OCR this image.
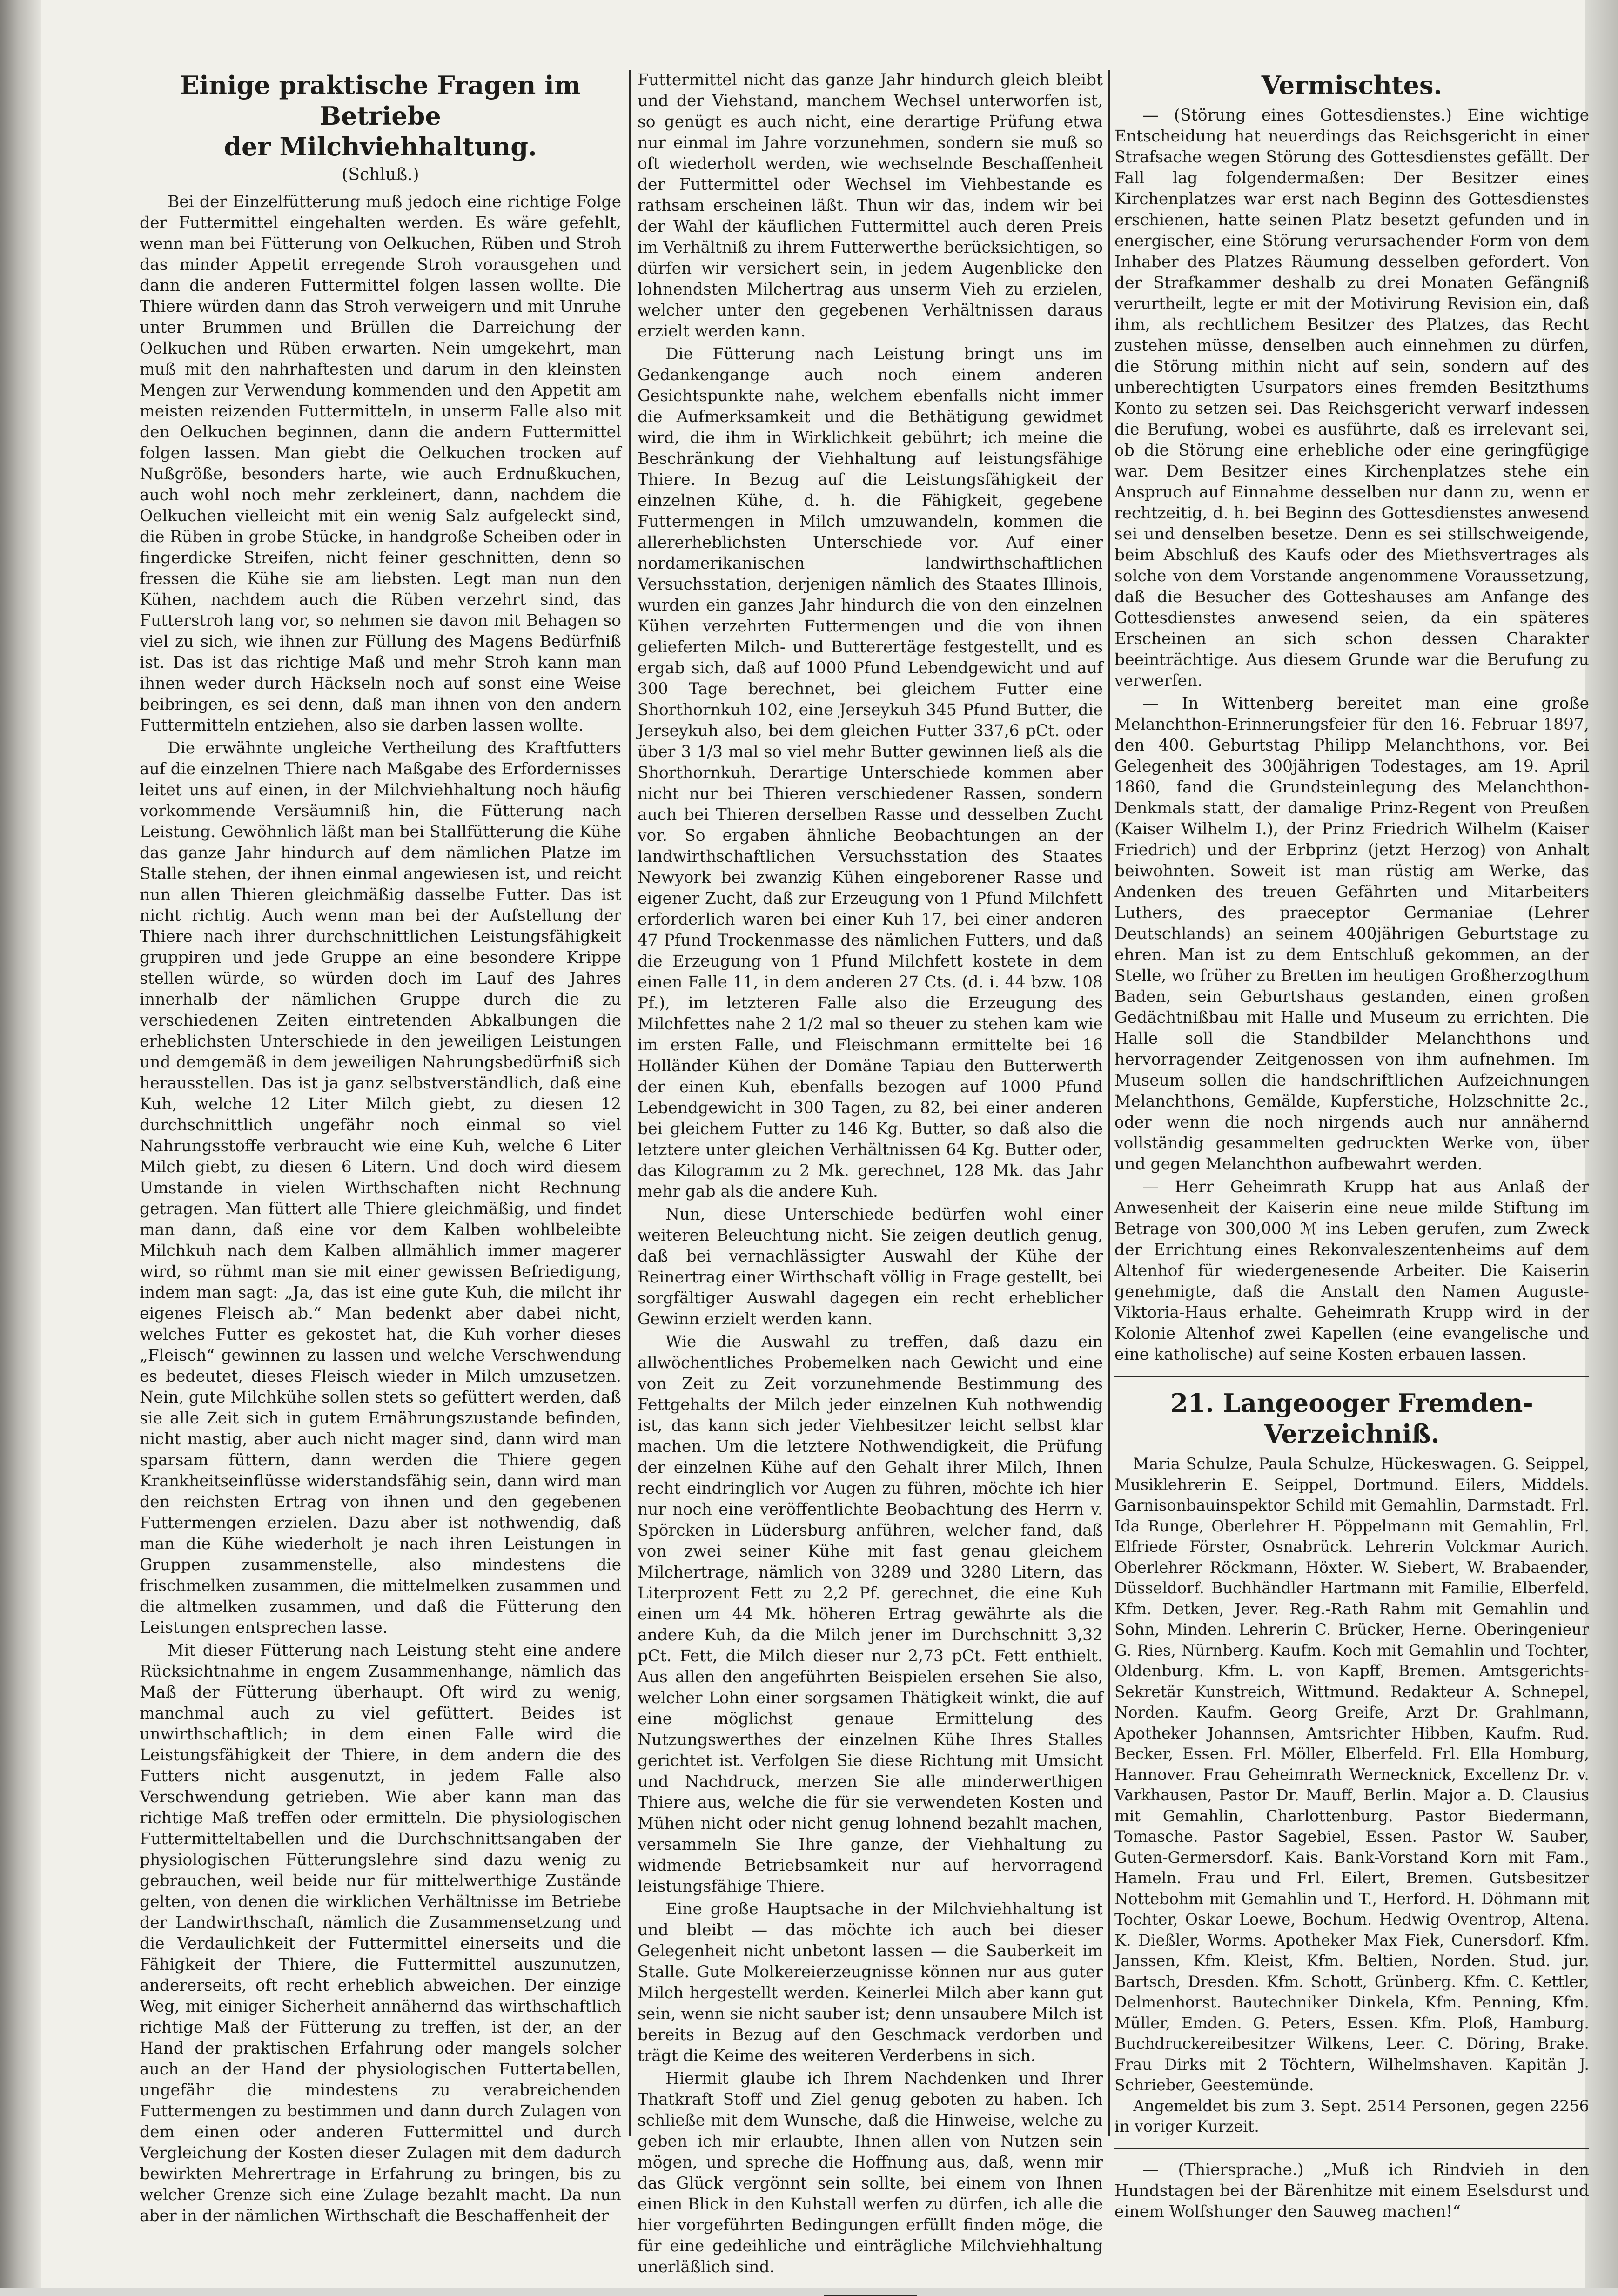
Einige praktische Fragen im Betriebe
der Milchviehhaltung.

(Schluß.)

Bei der Einzelfütterung muß jedoch eine richtige Folge der Futtermittel eingehalten werden. Es wäre gefehlt, wenn man bei Fütterung von Oelkuchen, Rüben und Stroh das minder Appetit erregende Stroh vorausgehen und dann die anderen Futtermittel folgen lassen wollte. Die Thiere würden dann das Stroh verweigern und mit Unruhe unter Brummen und Brüllen die Darreichung der Oelkuchen und Rüben erwarten. Nein umgekehrt, man muß mit den nahrhaftesten und darum in den kleinsten Mengen zur Verwendung kommenden und den Appetit am meisten reizenden Futtermitteln, in unserm Falle also mit den Oelkuchen beginnen, dann die andern Futtermittel folgen lassen. Man giebt die Oelkuchen trocken auf Nußgröße, besonders harte, wie auch Erdnußkuchen, auch wohl noch mehr zerkleinert, dann, nachdem die Oelkuchen vielleicht mit ein wenig Salz aufgeleckt sind, die Rüben in grobe Stücke, in handgroße Scheiben oder in fingerdicke Streifen, nicht feiner geschnitten, denn so fressen die Kühe sie am liebsten. Legt man nun den Kühen, nachdem auch die Rüben verzehrt sind, das Futterstroh lang vor, so nehmen sie davon mit Behagen so viel zu sich, wie ihnen zur Füllung des Magens Bedürfniß ist. Das ist das richtige Maß und mehr Stroh kann man ihnen weder durch Häckseln noch auf sonst eine Weise beibringen, es sei denn, daß man ihnen von den andern Futtermitteln entziehen, also sie darben lassen wollte.

Die erwähnte ungleiche Vertheilung des Kraftfutters auf die einzelnen Thiere nach Maßgabe des Erfordernisses leitet uns auf einen, in der Milchviehhaltung noch häufig vorkommende Versäumniß hin, die Fütterung nach Leistung. Gewöhnlich läßt man bei Stallfütterung die Kühe das ganze Jahr hindurch auf dem nämlichen Platze im Stalle stehen, der ihnen einmal angewiesen ist, und reicht nun allen Thieren gleichmäßig dasselbe Futter. Das ist nicht richtig. Auch wenn man bei der Aufstellung der Thiere nach ihrer durchschnittlichen Leistungsfähigkeit gruppiren und jede Gruppe an eine besondere Krippe stellen würde, so würden doch im Lauf des Jahres innerhalb der nämlichen Gruppe durch die zu verschiedenen Zeiten eintretenden Abkalbungen die erheblichsten Unterschiede in den jeweiligen Leistungen und demgemäß in dem jeweiligen Nahrungsbedürfniß sich herausstellen. Das ist ja ganz selbstverständlich, daß eine Kuh, welche 12 Liter Milch giebt, zu diesen 12 durchschnittlich ungefähr noch einmal so viel Nahrungsstoffe verbraucht wie eine Kuh, welche 6 Liter Milch giebt, zu diesen 6 Litern. Und doch wird diesem Umstande in vielen Wirthschaften nicht Rechnung getragen. Man füttert alle Thiere gleichmäßig, und findet man dann, daß eine vor dem Kalben wohlbeleibte Milchkuh nach dem Kalben allmählich immer magerer wird, so rühmt man sie mit einer gewissen Befriedigung, indem man sagt: „Ja, das ist eine gute Kuh, die milcht ihr eigenes Fleisch ab.“ Man bedenkt aber dabei nicht, welches Futter es gekostet hat, die Kuh vorher dieses „Fleisch“ gewinnen zu lassen und welche Verschwendung es bedeutet, dieses Fleisch wieder in Milch umzusetzen. Nein, gute Milchkühe sollen stets so gefüttert werden, daß sie alle Zeit sich in gutem Ernährungszustande befinden, nicht mastig, aber auch nicht mager sind, dann wird man sparsam füttern, dann werden die Thiere gegen Krankheitseinflüsse widerstandsfähig sein, dann wird man den reichsten Ertrag von ihnen und den gegebenen Futtermengen erzielen. Dazu aber ist nothwendig, daß man die Kühe wiederholt je nach ihren Leistungen in Gruppen zusammenstelle, also mindestens die frischmelken zusammen, die mittelmelken zusammen und die altmelken zusammen, und daß die Fütterung den Leistungen entsprechen lasse.

Mit dieser Fütterung nach Leistung steht eine andere Rücksichtnahme in engem Zusammenhange, nämlich das Maß der Fütterung überhaupt. Oft wird zu wenig, manchmal auch zu viel gefüttert. Beides ist unwirthschaftlich; in dem einen Falle wird die Leistungsfähigkeit der Thiere, in dem andern die des Futters nicht ausgenutzt, in jedem Falle also Verschwendung getrieben. Wie aber kann man das richtige Maß treffen oder ermitteln. Die physiologischen Futtermitteltabellen und die Durchschnittsangaben der physiologischen Fütterungslehre sind dazu wenig zu gebrauchen, weil beide nur für mittelwerthige Zustände gelten, von denen die wirklichen Verhältnisse im Betriebe der Landwirthschaft, nämlich die Zusammensetzung und die Verdaulichkeit der Futtermittel einerseits und die Fähigkeit der Thiere, die Futtermittel auszunutzen, andererseits, oft recht erheblich abweichen. Der einzige Weg, mit einiger Sicherheit annähernd das wirthschaftlich richtige Maß der Fütterung zu treffen, ist der, an der Hand der praktischen Erfahrung oder mangels solcher auch an der Hand der physiologischen Futtertabellen, ungefähr die mindestens zu verabreichenden Futtermengen zu bestimmen und dann durch Zulagen von dem einen oder anderen Futtermittel und durch Vergleichung der Kosten dieser Zulagen mit dem dadurch bewirkten Mehrertrage in Erfahrung zu bringen, bis zu welcher Grenze sich eine Zulage bezahlt macht. Da nun aber in der nämlichen Wirthschaft die Beschaffenheit der

Futtermittel nicht das ganze Jahr hindurch gleich bleibt und der Viehstand, manchem Wechsel unterworfen ist, so genügt es auch nicht, eine derartige Prüfung etwa nur einmal im Jahre vorzunehmen, sondern sie muß so oft wiederholt werden, wie wechselnde Beschaffenheit der Futtermittel oder Wechsel im Viehbestande es rathsam erscheinen läßt. Thun wir das, indem wir bei der Wahl der käuflichen Futtermittel auch deren Preis im Verhältniß zu ihrem Futterwerthe berücksichtigen, so dürfen wir versichert sein, in jedem Augenblicke den lohnendsten Milchertrag aus unserm Vieh zu erzielen, welcher unter den gegebenen Verhältnissen daraus erzielt werden kann.

Die Fütterung nach Leistung bringt uns im Gedankengange auch noch einem anderen Gesichtspunkte nahe, welchem ebenfalls nicht immer die Aufmerksamkeit und die Bethätigung gewidmet wird, die ihm in Wirklichkeit gebührt; ich meine die Beschränkung der Viehhaltung auf leistungsfähige Thiere. In Bezug auf die Leistungsfähigkeit der einzelnen Kühe, d. h. die Fähigkeit, gegebene Futtermengen in Milch umzuwandeln, kommen die allererheblichsten Unterschiede vor. Auf einer nordamerikanischen landwirthschaftlichen Versuchsstation, derjenigen nämlich des Staates Illinois, wurden ein ganzes Jahr hindurch die von den einzelnen Kühen verzehrten Futtermengen und die von ihnen gelieferten Milch- und Butterertäge festgestellt, und es ergab sich, daß auf 1000 Pfund Lebendgewicht und auf 300 Tage berechnet, bei gleichem Futter eine Shorthornkuh 102, eine Jerseykuh 345 Pfund Butter, die Jerseykuh also, bei dem gleichen Futter 337,6 pCt. oder über 3 1/3 mal so viel mehr Butter gewinnen ließ als die Shorthornkuh. Derartige Unterschiede kommen aber nicht nur bei Thieren verschiedener Rassen, sondern auch bei Thieren derselben Rasse und desselben Zucht vor. So ergaben ähnliche Beobachtungen an der landwirthschaftlichen Versuchsstation des Staates Newyork bei zwanzig Kühen eingeborener Rasse und eigener Zucht, daß zur Erzeugung von 1 Pfund Milchfett erforderlich waren bei einer Kuh 17, bei einer anderen 47 Pfund Trockenmasse des nämlichen Futters, und daß die Erzeugung von 1 Pfund Milchfett kostete in dem einen Falle 11, in dem anderen 27 Cts. (d. i. 44 bzw. 108 Pf.), im letzteren Falle also die Erzeugung des Milchfettes nahe 2 1/2 mal so theuer zu stehen kam wie im ersten Falle, und Fleischmann ermittelte bei 16 Holländer Kühen der Domäne Tapiau den Butterwerth der einen Kuh, ebenfalls bezogen auf 1000 Pfund Lebendgewicht in 300 Tagen, zu 82, bei einer anderen bei gleichem Futter zu 146 Kg. Butter, so daß also die letztere unter gleichen Verhältnissen 64 Kg. Butter oder, das Kilogramm zu 2 Mk. gerechnet, 128 Mk. das Jahr mehr gab als die andere Kuh.

Nun, diese Unterschiede bedürfen wohl einer weiteren Beleuchtung nicht. Sie zeigen deutlich genug, daß bei vernachlässigter Auswahl der Kühe der Reinertrag einer Wirthschaft völlig in Frage gestellt, bei sorgfältiger Auswahl dagegen ein recht erheblicher Gewinn erzielt werden kann.

Wie die Auswahl zu treffen, daß dazu ein allwöchentliches Probemelken nach Gewicht und eine von Zeit zu Zeit vorzunehmende Bestimmung des Fettgehalts der Milch jeder einzelnen Kuh nothwendig ist, das kann sich jeder Viehbesitzer leicht selbst klar machen. Um die letztere Nothwendigkeit, die Prüfung der einzelnen Kühe auf den Gehalt ihrer Milch, Ihnen recht eindringlich vor Augen zu führen, möchte ich hier nur noch eine veröffentlichte Beobachtung des Herrn v. Spörcken in Lüdersburg anführen, welcher fand, daß von zwei seiner Kühe mit fast genau gleichem Milchertrage, nämlich von 3289 und 3280 Litern, das Literprozent Fett zu 2,2 Pf. gerechnet, die eine Kuh einen um 44 Mk. höheren Ertrag gewährte als die andere Kuh, da die Milch jener im Durchschnitt 3,32 pCt. Fett, die Milch dieser nur 2,73 pCt. Fett enthielt. Aus allen den angeführten Beispielen ersehen Sie also, welcher Lohn einer sorgsamen Thätigkeit winkt, die auf eine möglichst genaue Ermittelung des Nutzungswerthes der einzelnen Kühe Ihres Stalles gerichtet ist. Verfolgen Sie diese Richtung mit Umsicht und Nachdruck, merzen Sie alle minderwerthigen Thiere aus, welche die für sie verwendeten Kosten und Mühen nicht oder nicht genug lohnend bezahlt machen, versammeln Sie Ihre ganze, der Viehhaltung zu widmende Betriebsamkeit nur auf hervorragend leistungsfähige Thiere.

Eine große Hauptsache in der Milchviehhaltung ist und bleibt — das möchte ich auch bei dieser Gelegenheit nicht unbetont lassen — die Sauberkeit im Stalle. Gute Molkereierzeugnisse können nur aus guter Milch hergestellt werden. Keinerlei Milch aber kann gut sein, wenn sie nicht sauber ist; denn unsaubere Milch ist bereits in Bezug auf den Geschmack verdorben und trägt die Keime des weiteren Verderbens in sich.

Hiermit glaube ich Ihrem Nachdenken und Ihrer Thatkraft Stoff und Ziel genug geboten zu haben. Ich schließe mit dem Wunsche, daß die Hinweise, welche zu geben ich mir erlaubte, Ihnen allen von Nutzen sein mögen, und spreche die Hoffnung aus, daß, wenn mir das Glück vergönnt sein sollte, bei einem von Ihnen einen Blick in den Kuhstall werfen zu dürfen, ich alle die hier vorgeführten Bedingungen erfüllt finden möge, die für eine gedeihliche und einträgliche Milchviehhaltung unerläßlich sind.

Vermischtes.

— (Störung eines Gottesdienstes.) Eine wichtige Entscheidung hat neuerdings das Reichsgericht in einer Strafsache wegen Störung des Gottesdienstes gefällt. Der Fall lag folgendermaßen: Der Besitzer eines Kirchenplatzes war erst nach Beginn des Gottesdienstes erschienen, hatte seinen Platz besetzt gefunden und in energischer, eine Störung verursachender Form von dem Inhaber des Platzes Räumung desselben gefordert. Von der Strafkammer deshalb zu drei Monaten Gefängniß verurtheilt, legte er mit der Motivirung Revision ein, daß ihm, als rechtlichem Besitzer des Platzes, das Recht zustehen müsse, denselben auch einnehmen zu dürfen, die Störung mithin nicht auf sein, sondern auf des unberechtigten Usurpators eines fremden Besitzthums Konto zu setzen sei. Das Reichsgericht verwarf indessen die Berufung, wobei es ausführte, daß es irrelevant sei, ob die Störung eine erhebliche oder eine geringfügige war. Dem Besitzer eines Kirchenplatzes stehe ein Anspruch auf Einnahme desselben nur dann zu, wenn er rechtzeitig, d. h. bei Beginn des Gottesdienstes anwesend sei und denselben besetze. Denn es sei stillschweigende, beim Abschluß des Kaufs oder des Miethsvertrages als solche von dem Vorstande angenommene Voraussetzung, daß die Besucher des Gotteshauses am Anfange des Gottesdienstes anwesend seien, da ein späteres Erscheinen an sich schon dessen Charakter beeinträchtige. Aus diesem Grunde war die Berufung zu verwerfen.

— In Wittenberg bereitet man eine große Melanchthon-Erinnerungsfeier für den 16. Februar 1897, den 400. Geburtstag Philipp Melanchthons, vor. Bei Gelegenheit des 300jährigen Todestages, am 19. April 1860, fand die Grundsteinlegung des Melanchthon-Denkmals statt, der damalige Prinz-Regent von Preußen (Kaiser Wilhelm I.), der Prinz Friedrich Wilhelm (Kaiser Friedrich) und der Erbprinz (jetzt Herzog) von Anhalt beiwohnten. Soweit ist man rüstig am Werke, das Andenken des treuen Gefährten und Mitarbeiters Luthers, des praeceptor Germaniae (Lehrer Deutschlands) an seinem 400jährigen Geburtstage zu ehren. Man ist zu dem Entschluß gekommen, an der Stelle, wo früher zu Bretten im heutigen Großherzogthum Baden, sein Geburtshaus gestanden, einen großen Gedächtnißbau mit Halle und Museum zu errichten. Die Halle soll die Standbilder Melanchthons und hervorragender Zeitgenossen von ihm aufnehmen. Im Museum sollen die handschriftlichen Aufzeichnungen Melanchthons, Gemälde, Kupferstiche, Holzschnitte 2c., oder wenn die noch nirgends auch nur annähernd vollständig gesammelten gedruckten Werke von, über und gegen Melanchthon aufbewahrt werden.

— Herr Geheimrath Krupp hat aus Anlaß der Anwesenheit der Kaiserin eine neue milde Stiftung im Betrage von 300,000 ℳ ins Leben gerufen, zum Zweck der Errichtung eines Rekonvaleszentenheims auf dem Altenhof für wiedergenesende Arbeiter. Die Kaiserin genehmigte, daß die Anstalt den Namen Auguste-Viktoria-Haus erhalte. Geheimrath Krupp wird in der Kolonie Altenhof zwei Kapellen (eine evangelische und eine katholische) auf seine Kosten erbauen lassen.

21. Langeooger Fremden-Verzeichniß.

Maria Schulze, Paula Schulze, Hückeswagen. G. Seippel, Musiklehrerin E. Seippel, Dortmund. Eilers, Middels. Garnisonbauinspektor Schild mit Gemahlin, Darmstadt. Frl. Ida Runge, Oberlehrer H. Pöppelmann mit Gemahlin, Frl. Elfriede Förster, Osnabrück. Lehrerin Volckmar Aurich. Oberlehrer Röckmann, Höxter. W. Siebert, W. Brabaender, Düsseldorf. Buchhändler Hartmann mit Familie, Elberfeld. Kfm. Detken, Jever. Reg.-Rath Rahm mit Gemahlin und Sohn, Minden. Lehrerin C. Brücker, Herne. Oberingenieur G. Ries, Nürnberg. Kaufm. Koch mit Gemahlin und Tochter, Oldenburg. Kfm. L. von Kapff, Bremen. Amtsgerichts-Sekretär Kunstreich, Wittmund. Redakteur A. Schnepel, Norden. Kaufm. Georg Greife, Arzt Dr. Grahlmann, Apotheker Johannsen, Amtsrichter Hibben, Kaufm. Rud. Becker, Essen. Frl. Möller, Elberfeld. Frl. Ella Homburg, Hannover. Frau Geheimrath Wernecknick, Excellenz Dr. v. Varkhausen, Pastor Dr. Mauff, Berlin. Major a. D. Clausius mit Gemahlin, Charlottenburg. Pastor Biedermann, Tomasche. Pastor Sagebiel, Essen. Pastor W. Sauber, Guten-Germersdorf. Kais. Bank-Vorstand Korn mit Fam., Hameln. Frau und Frl. Eilert, Bremen. Gutsbesitzer Nottebohm mit Gemahlin und T., Herford. H. Döhmann mit Tochter, Oskar Loewe, Bochum. Hedwig Oventrop, Altena. K. Dießler, Worms. Apotheker Max Fiek, Cunersdorf. Kfm. Janssen, Kfm. Kleist, Kfm. Beltien, Norden. Stud. jur. Bartsch, Dresden. Kfm. Schott, Grünberg. Kfm. C. Kettler, Delmenhorst. Bautechniker Dinkela, Kfm. Penning, Kfm. Müller, Emden. G. Peters, Essen. Kfm. Ploß, Hamburg. Buchdruckereibesitzer Wilkens, Leer. C. Döring, Brake. Frau Dirks mit 2 Töchtern, Wilhelmshaven. Kapitän J. Schrieber, Geestemünde.

Angemeldet bis zum 3. Sept. 2514 Personen, gegen 2256 in voriger Kurzeit.

— (Thiersprache.) „Muß ich Rindvieh in den Hundstagen bei der Bärenhitze mit einem Eselsdurst und einem Wolfshunger den Sauweg machen!“
